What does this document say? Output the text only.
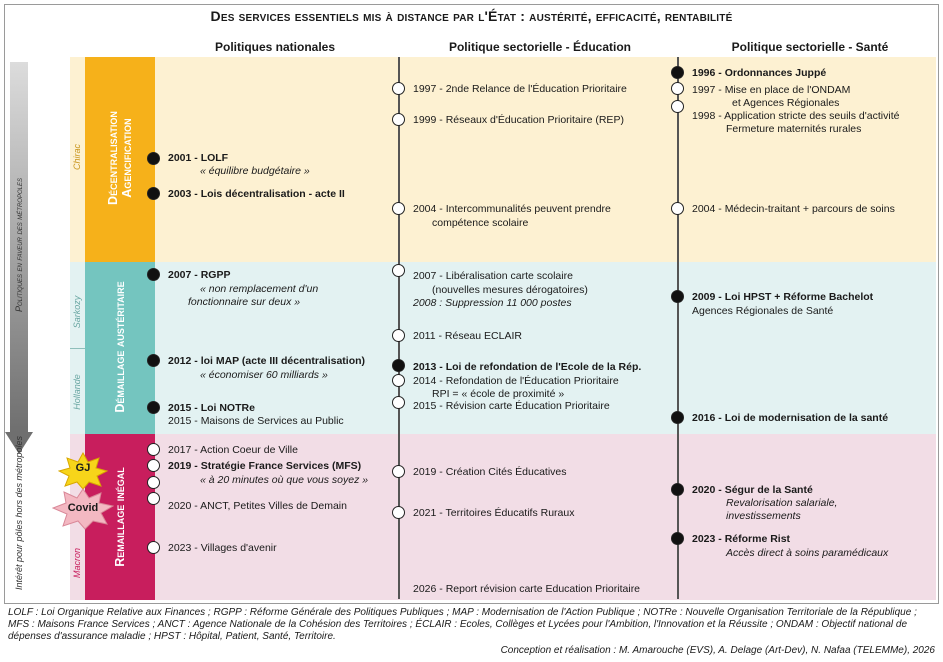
Des services essentiels mis à distance par l'État : austérité, efficacité, rentabilité
Politiques nationales	Politique sectorielle - Éducation	Politique sectorielle - Santé
Chirac
Sarkozy
Hollande
Macron
Décentralisation Agencification
Démaillage austéritaire
Remaillage inégal
Politiques en faveur des métropoles
Intérêt pour pôles hors des métropoles	GJ
Covid
2001 - LOLF
« équilibre budgétaire »
2003 - Lois décentralisation - acte II
2007 - RGPP
« non remplacement d'un
fonctionnaire sur deux »
2012 - loi MAP (acte III décentralisation)
« économiser 60 milliards »
2015 - Loi NOTRe
2015 - Maisons de Services au Public
2017 - Action Coeur de Ville
2019 - Stratégie France Services (MFS)
« à 20 minutes où que vous soyez »
2020 - ANCT, Petites Villes de Demain
2023 - Villages d'avenir
1997 - 2nde Relance de l'Éducation Prioritaire
1999 - Réseaux d'Éducation Prioritaire (REP)
2004 - Intercommunalités peuvent prendre
compétence scolaire
2007 - Libéralisation carte scolaire
(nouvelles mesures dérogatoires)
2008 : Suppression 11 000 postes
2011 - Réseau ECLAIR
2013 - Loi de refondation de l'Ecole de la Rép.
2014 - Refondation de l'Éducation Prioritaire
RPI = « école de proximité »
2015 - Révision carte Éducation Prioritaire
2019 - Création Cités Éducatives
2021 - Territoires Éducatifs Ruraux
2026 - Report révision carte Education Prioritaire
1996 - Ordonnances Juppé
1997 - Mise en place de l'ONDAM
et Agences Régionales
1998 - Application stricte des seuils d'activité
Fermeture maternités rurales
2004 - Médecin-traitant + parcours de soins
2009 - Loi HPST + Réforme Bachelot
Agences Régionales de Santé
2016 - Loi de modernisation de la santé
2020 - Ségur de la Santé
Revalorisation salariale,
investissements
2023 - Réforme Rist
Accès direct à soins paramédicaux
LOLF : Loi Organique Relative aux Finances ; RGPP : Réforme Générale des Politiques Publiques ; MAP : Modernisation de l'Action Publique ; NOTRe : Nouvelle Organisation Territoriale de la République ; MFS : Maisons France Services ; ANCT : Agence Nationale de la Cohésion des Territoires ; ÉCLAIR : Ecoles, Collèges et Lycées pour l'Ambition, l'Innovation et la Réussite ; ONDAM : Objectif national de dépenses d'assurance maladie ; HPST : Hôpital, Patient, Santé, Territoire.
Conception et réalisation : M. Amarouche (EVS), A. Delage (Art-Dev), N. Nafaa (TELEMMe), 2026
